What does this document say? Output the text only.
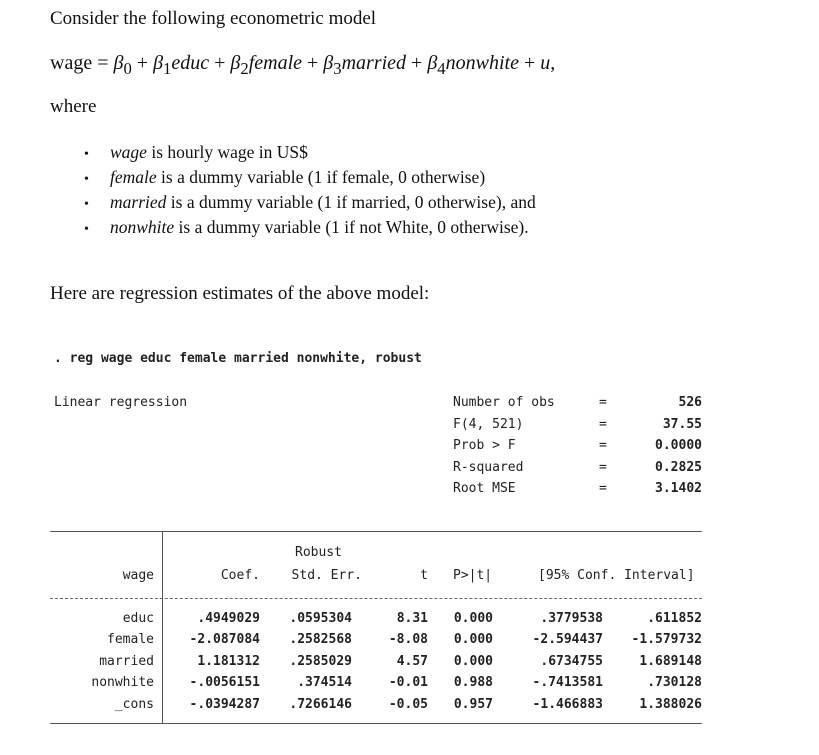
Consider the following econometric model
wage = $\beta_0$ + $\beta_1educ$ + $\beta_2female$ + $\beta_3married$ + $\beta_4nonwhite + u$,
where
• wage is hourly wage in US$
• female is a dummy variable (1 if female, 0 otherwise)
• married is a dummy variable (1 if married, 0 otherwise), and
• nonwhite is a dummy variable (1 if not White, 0 otherwise).
Here are regression estimates of the above model:
. reg wage educ female married nonwhite, robust
Linear regression	Number of obs	=	526
F(4, 521)	=	37.55
Prob > F	=	0.0000
R-squared	=	0.2825
Root MSE	=	3.1402
Robust
wage	Coef.	Std. Err.	t P>|t|	[95% Conf. Interval]
educ	.4949029	.0595304	8.31	0.000	.3779538	.611852
female	-2.087084	.2582568	-8.08	0.000	-2.594437	-1.579732
married	1.181312	.2585029	4.57	0.000	.6734755	1.689148
nonwhite	-.0056151	.374514	-0.01	0.988	-.7413581	.730128
_cons	-.0394287	.7266146	-0.05	0.957	-1.466883	1.388026
